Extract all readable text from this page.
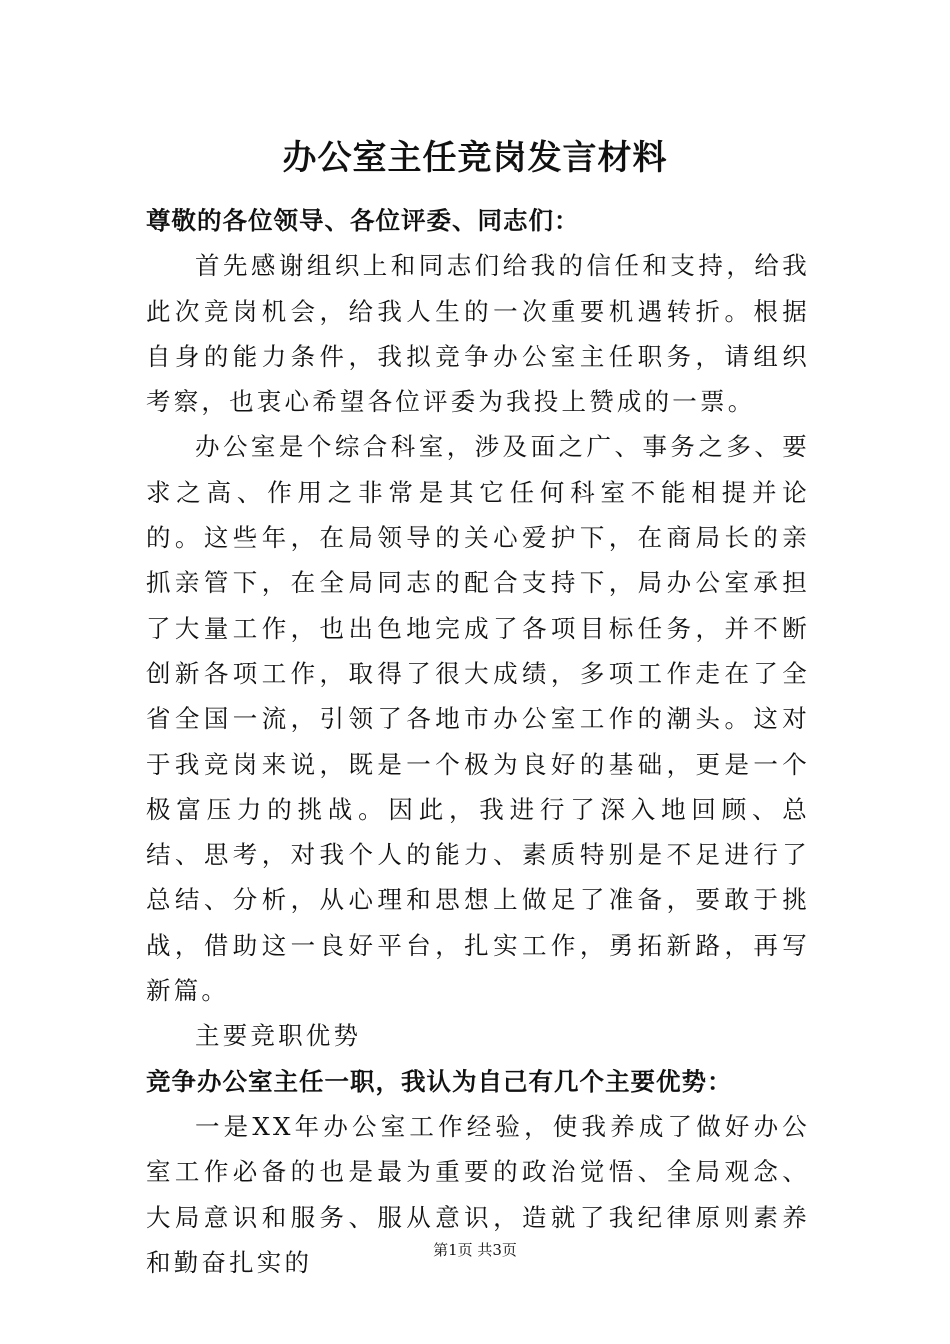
办公室主任竞岗发言材料

尊敬的各位领导、各位评委、同志们：

首先感谢组织上和同志们给我的信任和支持，给我此次竞岗机会，给我人生的一次重要机遇转折。根据自身的能力条件，我拟竞争办公室主任职务，请组织考察，也衷心希望各位评委为我投上赞成的一票。

办公室是个综合科室，涉及面之广、事务之多、要求之高、作用之非常是其它任何科室不能相提并论的。这些年，在局领导的关心爱护下，在商局长的亲抓亲管下，在全局同志的配合支持下，局办公室承担了大量工作，也出色地完成了各项目标任务，并不断创新各项工作，取得了很大成绩，多项工作走在了全省全国一流，引领了各地市办公室工作的潮头。这对于我竞岗来说，既是一个极为良好的基础，更是一个极富压力的挑战。因此，我进行了深入地回顾、总结、思考，对我个人的能力、素质特别是不足进行了总结、分析，从心理和思想上做足了准备，要敢于挑战，借助这一良好平台，扎实工作，勇拓新路，再写新篇。

主要竞职优势

竞争办公室主任一职，我认为自己有几个主要优势：

一是XX年办公室工作经验，使我养成了做好办公室工作必备的也是最为重要的政治觉悟、全局观念、大局意识和服务、服从意识，造就了我纪律原则素养和勤奋扎实的	第1页 共3页
